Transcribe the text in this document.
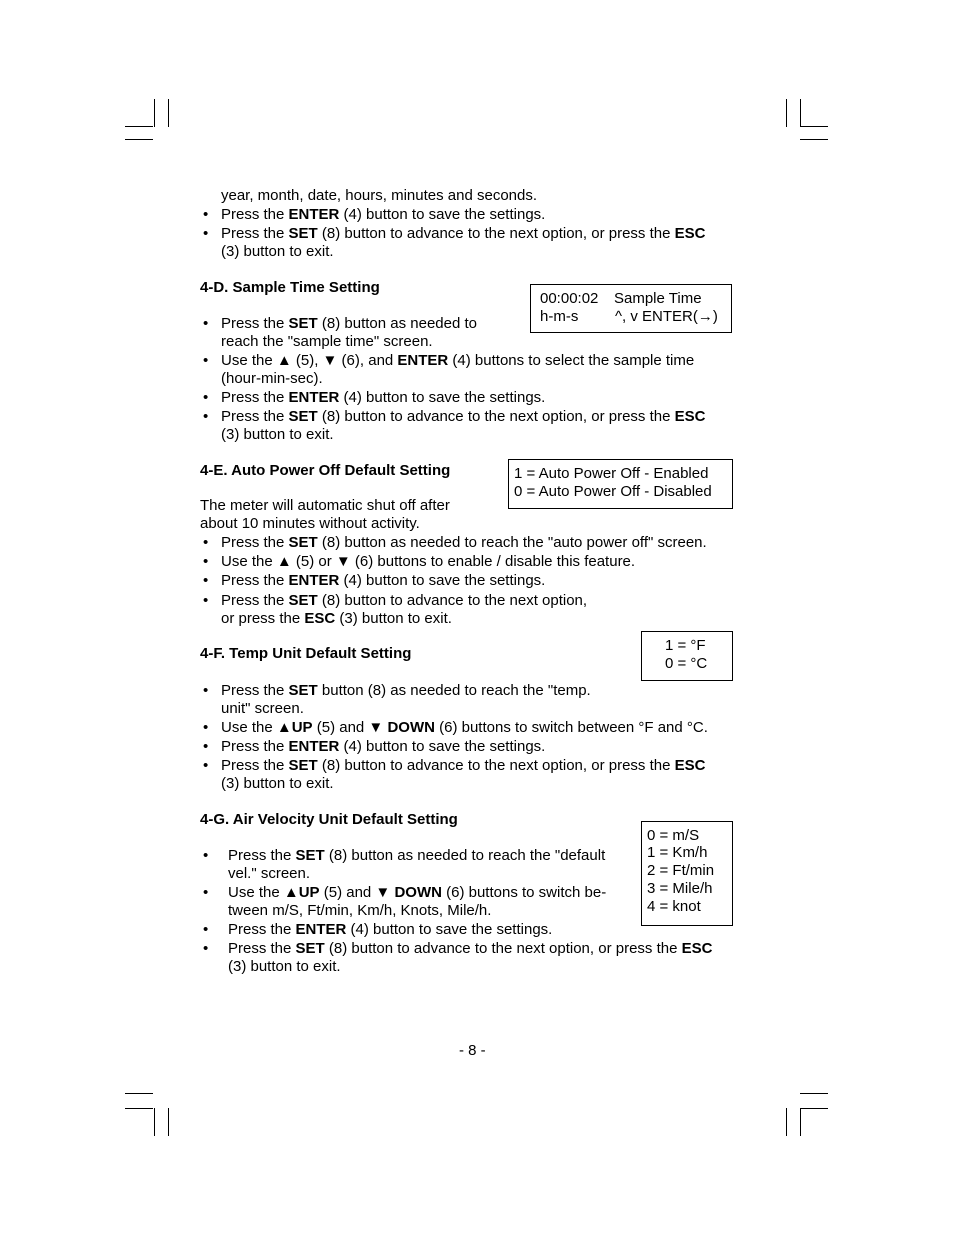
year, month, date, hours, minutes and seconds.
• Press the ENTER (4) button to save the settings.
• Press the SET (8) button to advance to the next option, or press the ESC
(3) button to exit.
4-D. Sample Time Setting
00:00:02 Sample Time
h-m-s ^, v ENTER(→)
• Press the SET (8) button as needed to
reach the "sample time" screen.
• Use the ▲ (5), ▼ (6), and ENTER (4) buttons to select the sample time
(hour-min-sec).
• Press the ENTER (4) button to save the settings.
• Press the SET (8) button to advance to the next option, or press the ESC
(3) button to exit.
4-E. Auto Power Off Default Setting	1 = Auto Power Off - Enabled
0 = Auto Power Off - Disabled
The meter will automatic shut off after
about 10 minutes without activity.
• Press the SET (8) button as needed to reach the "auto power off" screen.
• Use the ▲ (5) or ▼ (6) buttons to enable / disable this feature.
• Press the ENTER (4) button to save the settings.
• Press the SET (8) button to advance to the next option,
or press the ESC (3) button to exit.
1 = °F
0 = °C
4-F. Temp Unit Default Setting
• Press the SET button (8) as needed to reach the "temp.
unit" screen.
• Use the ▲UP (5) and ▼ DOWN (6) buttons to switch between °F and °C.
• Press the ENTER (4) button to save the settings.
• Press the SET (8) button to advance to the next option, or press the ESC
(3) button to exit.
4-G. Air Velocity Unit Default Setting
0 = m/S
1 = Km/h
2 = Ft/min
3 = Mile/h
4 = knot
• Press the SET (8) button as needed to reach the "default
vel." screen.
• Use the ▲UP (5) and ▼ DOWN (6) buttons to switch be-
tween m/S, Ft/min, Km/h, Knots, Mile/h.
• Press the ENTER (4) button to save the settings.
• Press the SET (8) button to advance to the next option, or press the ESC
(3) button to exit.
- 8 -
